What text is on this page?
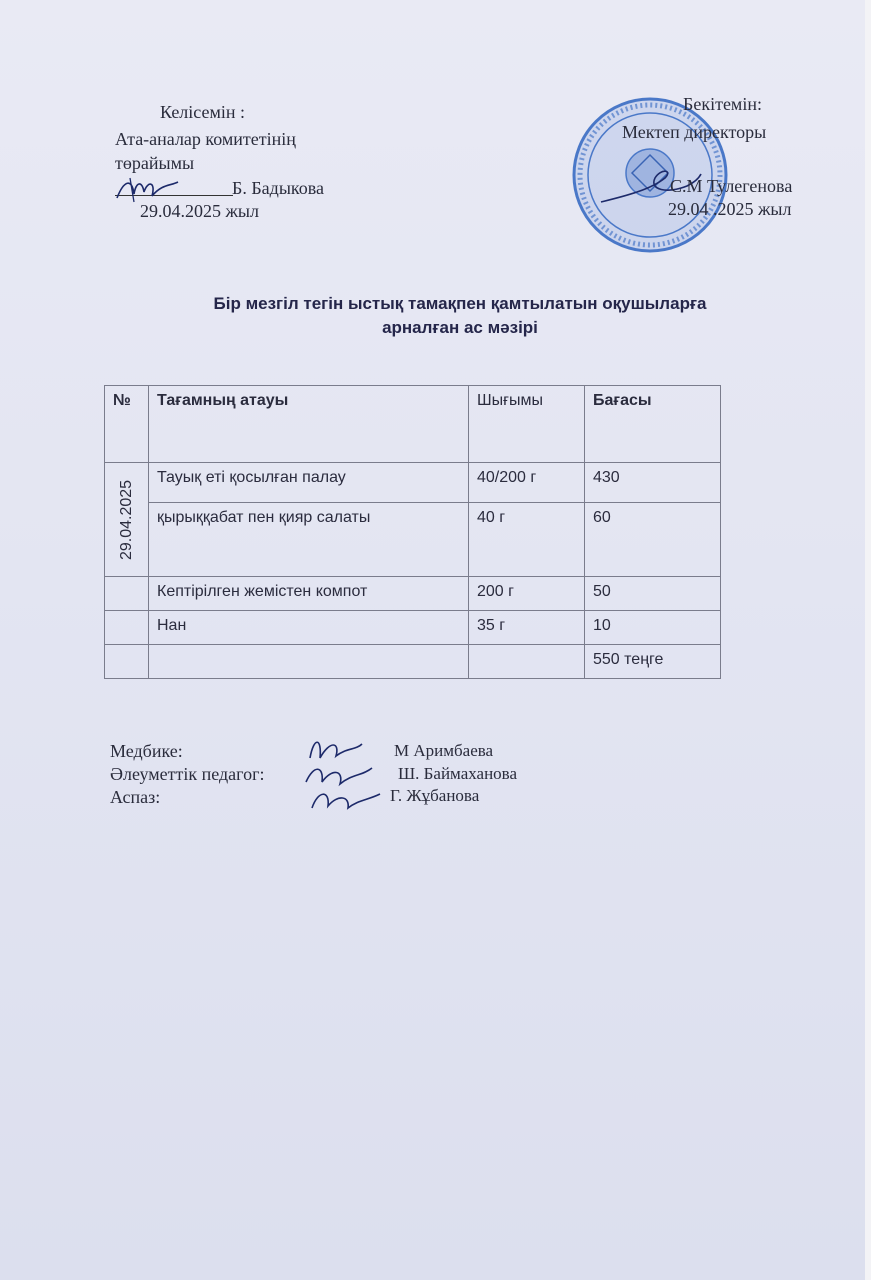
Келісемін :
Ата-аналар комитетінің
төрайымы
Б. Бадыкова
29.04.2025 жыл
Бекітемін:
Мектеп директоры
С.М Тулегенова
29.04 .2025 жыл
Бір мезгіл тегін ыстық тамақпен қамтылатын оқушыларға
арналған ас мәзірі
№	Тағамның атауы	Шығымы	Бағасы

29.04.2025	Тауық еті қосылған палау	40/200 г	430
	қырыққабат пен қияр салаты	40 г	60
	Кептірілген жемістен компот	200 г	50
	Нан	35 г	10
			550 теңге
Медбике:
Әлеуметтік педагог:
Аспаз:
М Аримбаева
Ш. Баймаханова
Г. Жұбанова
